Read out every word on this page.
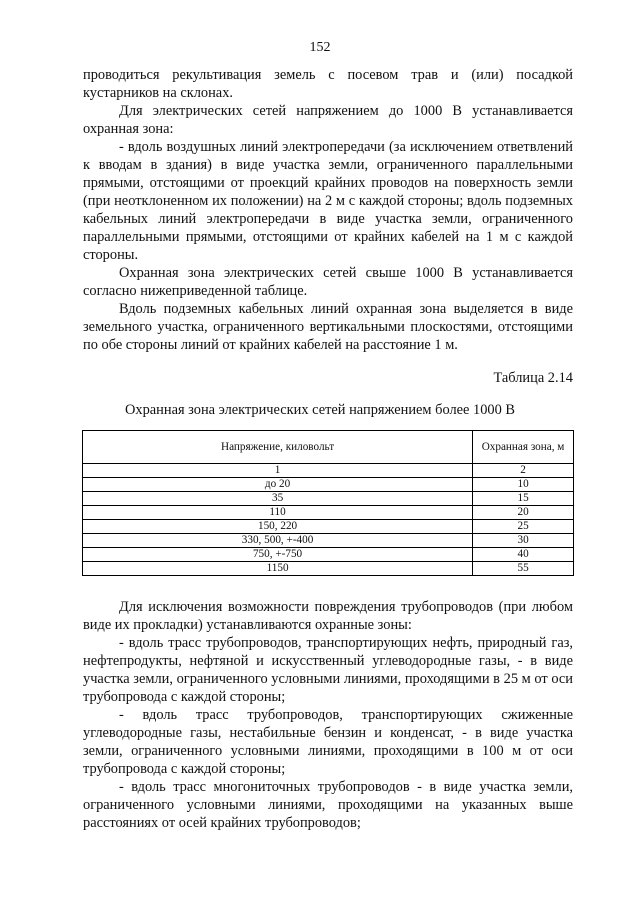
152

проводиться рекультивация земель с посевом трав и (или) посадкой кустарников на склонах.

Для электрических сетей напряжением до 1000 В устанавливается охранная зона:

- вдоль воздушных линий электропередачи (за исключением ответвлений к вводам в здания) в виде участка земли, ограниченного параллельными прямыми, отстоящими от проекций крайних проводов на поверхность земли (при неотклоненном их положении) на 2 м с каждой стороны; вдоль подземных кабельных линий электропередачи в виде участка земли, ограниченного параллельными прямыми, отстоящими от крайних кабелей на 1 м с каждой стороны.

Охранная зона электрических сетей свыше 1000 В устанавливается согласно нижеприведенной таблице.

Вдоль подземных кабельных линий охранная зона выделяется в виде земельного участка, ограниченного вертикальными плоскостями, отстоящими по обе стороны линий от крайних кабелей на расстояние 1 м.

Таблица 2.14
Охранная зона электрических сетей напряжением более 1000 В
Напряжение, киловольт	Охранная зона, м
1	2
до 20	10
35	15
110	20
150, 220	25
330, 500, +-400	30
750, +-750	40
1150	55

Для исключения возможности повреждения трубопроводов (при любом виде их прокладки) устанавливаются охранные зоны:

- вдоль трасс трубопроводов, транспортирующих нефть, природный газ, нефтепродукты, нефтяной и искусственный углеводородные газы, - в виде участка земли, ограниченного условными линиями, проходящими в 25 м от оси трубопровода с каждой стороны;

- вдоль трасс трубопроводов, транспортирующих сжиженные углеводородные газы, нестабильные бензин и конденсат, - в виде участка земли, ограниченного условными линиями, проходящими в 100 м от оси трубопровода с каждой стороны;

- вдоль трасс многониточных трубопроводов - в виде участка земли, ограниченного условными линиями, проходящими на указанных выше расстояниях от осей крайних трубопроводов;
